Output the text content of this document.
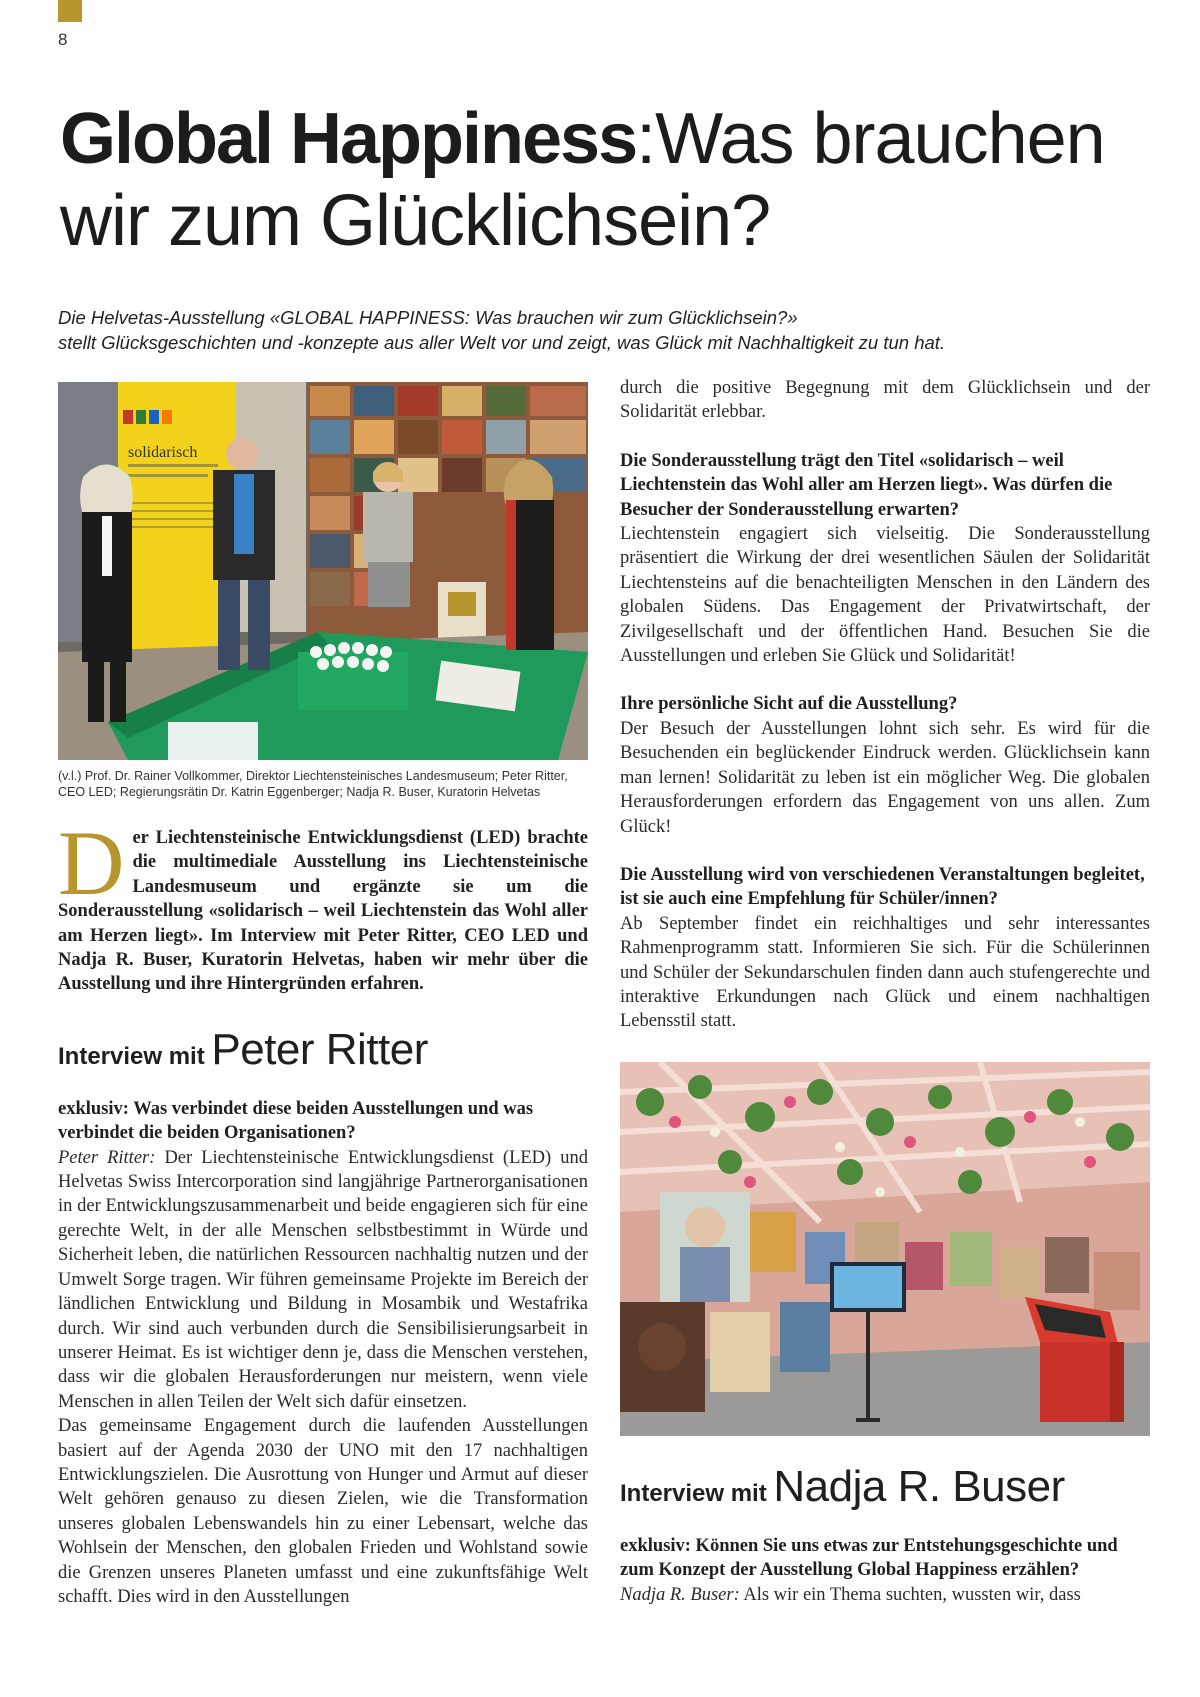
8
Global Happiness:Was brauchen
wir zum Glücklichsein?

Die Helvetas-Ausstellung «GLOBAL HAPPINESS: Was brauchen wir zum Glücklichsein?»
stellt Glücksgeschichten und -konzepte aus aller Welt vor und zeigt, was Glück mit Nachhaltigkeit zu tun hat.

solidarisch
(v.l.) Prof. Dr. Rainer Vollkommer, Direktor Liechtensteinisches Landesmuseum; Peter Ritter, CEO LED; Regierungsrätin Dr. Katrin Eggenberger; Nadja R. Buser, Kuratorin Helvetas

Der Liechtensteinische Entwicklungsdienst (LED) brachte die multimediale Ausstellung ins Liechtensteinische Landesmuseum und ergänzte sie um die Sonderausstellung «solidarisch – weil Liechtenstein das Wohl aller am Herzen liegt». Im Interview mit Peter Ritter, CEO LED und Nadja R. Buser, Kuratorin Helvetas, haben wir mehr über die Ausstellung und ihre Hintergründen erfahren.

Interview mit Peter Ritter

exklusiv: Was verbindet diese beiden Ausstellungen und was verbindet die beiden Organisationen?

Peter Ritter: Der Liechtensteinische Entwicklungsdienst (LED) und Helvetas Swiss Intercorporation sind langjährige Partnerorganisationen in der Entwicklungszusammenarbeit und beide engagieren sich für eine gerechte Welt, in der alle Menschen selbstbestimmt in Würde und Sicherheit leben, die natürlichen Ressourcen nachhaltig nutzen und der Umwelt Sorge tragen. Wir führen gemeinsame Projekte im Bereich der ländlichen Entwicklung und Bildung in Mosambik und Westafrika durch. Wir sind auch verbunden durch die Sensibilisierungsarbeit in unserer Heimat. Es ist wichtiger denn je, dass die Menschen verstehen, dass wir die globalen Herausforderungen nur meistern, wenn viele Menschen in allen Teilen der Welt sich dafür einsetzen.

Das gemeinsame Engagement durch die laufenden Ausstellungen basiert auf der Agenda 2030 der UNO mit den 17 nachhaltigen Entwicklungszielen. Die Ausrottung von Hunger und Armut auf dieser Welt gehören genauso zu diesen Zielen, wie die Transformation unseres globalen Lebenswandels hin zu einer Lebensart, welche das Wohlsein der Menschen, den globalen Frieden und Wohlstand sowie die Grenzen unseres Planeten umfasst und eine zukunftsfähige Welt schafft. Dies wird in den Ausstellungen

durch die positive Begegnung mit dem Glücklichsein und der Solidarität erlebbar.

Die Sonderausstellung trägt den Titel «solidarisch – weil Liechtenstein das Wohl aller am Herzen liegt». Was dürfen die Besucher der Sonderausstellung erwarten?

Liechtenstein engagiert sich vielseitig. Die Sonderausstellung präsentiert die Wirkung der drei wesentlichen Säulen der Solidarität Liechtensteins auf die benachteiligten Menschen in den Ländern des globalen Südens. Das Engagement der Privatwirtschaft, der Zivilgesellschaft und der öffentlichen Hand. Besuchen Sie die Ausstellungen und erleben Sie Glück und Solidarität!

Ihre persönliche Sicht auf die Ausstellung?

Der Besuch der Ausstellungen lohnt sich sehr. Es wird für die Besuchenden ein beglückender Eindruck werden. Glücklichsein kann man lernen! Solidarität zu leben ist ein möglicher Weg. Die globalen Herausforderungen erfordern das Engagement von uns allen. Zum Glück!

Die Ausstellung wird von verschiedenen Veranstaltungen begleitet, ist sie auch eine Empfehlung für Schüler/innen?

Ab September findet ein reichhaltiges und sehr interessantes Rahmenprogramm statt. Informieren Sie sich. Für die Schülerinnen und Schüler der Sekundarschulen finden dann auch stufengerechte und interaktive Erkundungen nach Glück und einem nachhaltigen Lebensstil statt.

Interview mit Nadja R. Buser

exklusiv: Können Sie uns etwas zur Entstehungsgeschichte und zum Konzept der Ausstellung Global Happiness erzählen?

Nadja R. Buser: Als wir ein Thema suchten, wussten wir, dass
